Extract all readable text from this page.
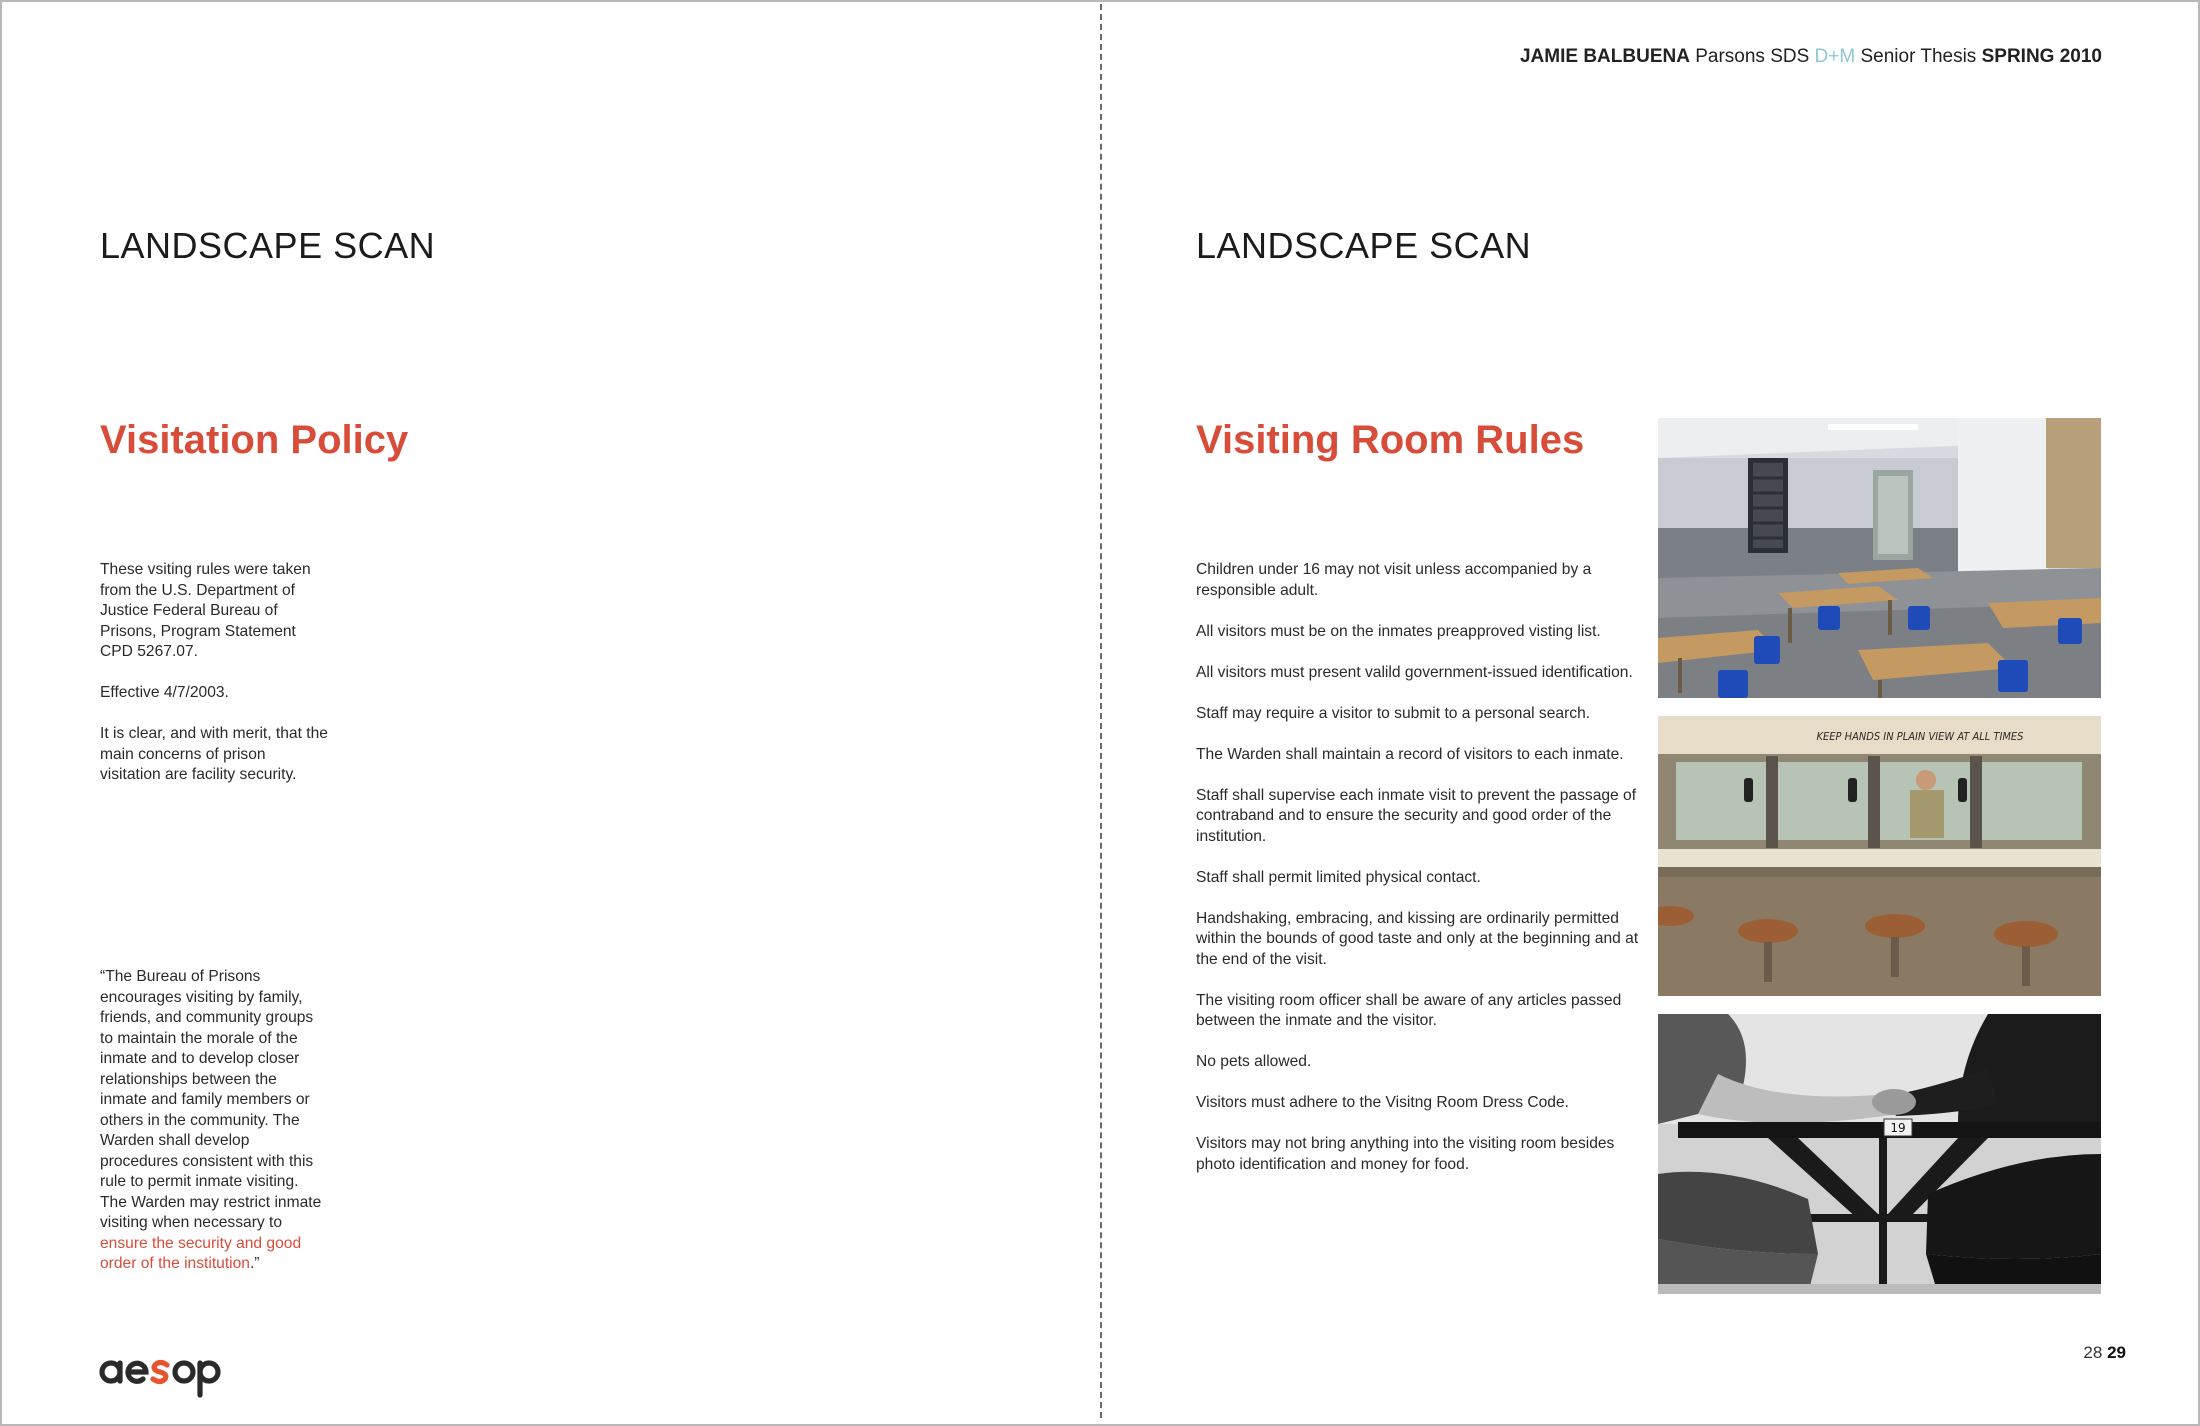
JAMIE BALBUENA Parsons SDS D+M Senior Thesis SPRING 2010
LANDSCAPE SCAN
Visitation Policy

These vsiting rules were taken from the U.S. Department of Justice Federal Bureau of Prisons, Program Statement CPD 5267.07.

Effective 4/7/2003.

It is clear, and with merit, that the main concerns of prison visitation are facility security.

“The Bureau of Prisons encourages visiting by family, friends, and community groups to maintain the morale of the inmate and to develop closer relationships between the inmate and family members or others in the community. The Warden shall develop procedures consistent with this rule to permit inmate visiting. The Warden may restrict inmate visiting when necessary to ensure the security and good order of the institution.”

LANDSCAPE SCAN
Visiting Room Rules

Children under 16 may not visit unless accompanied by a responsible adult.

All visitors must be on the inmates preapproved visting list.

All visitors must present valild government-issued identification.

Staff may require a visitor to submit to a personal search.

The Warden shall maintain a record of visitors to each inmate.

Staff shall supervise each inmate visit to prevent the passage of contraband and to ensure the security and good order of the institution.

Staff shall permit limited physical contact.

Handshaking, embracing, and kissing are ordinarily permitted within the bounds of good taste and only at the beginning and at the end of the visit.

The visiting room officer shall be aware of any articles passed between the inmate and the visitor.

No pets allowed.

Visitors must adhere to the Visitng Room Dress Code.

Visitors may not bring anything into the visiting room besides photo identification and money for food.

KEEP HANDS IN PLAIN VIEW AT ALL TIMES
19
28 29
